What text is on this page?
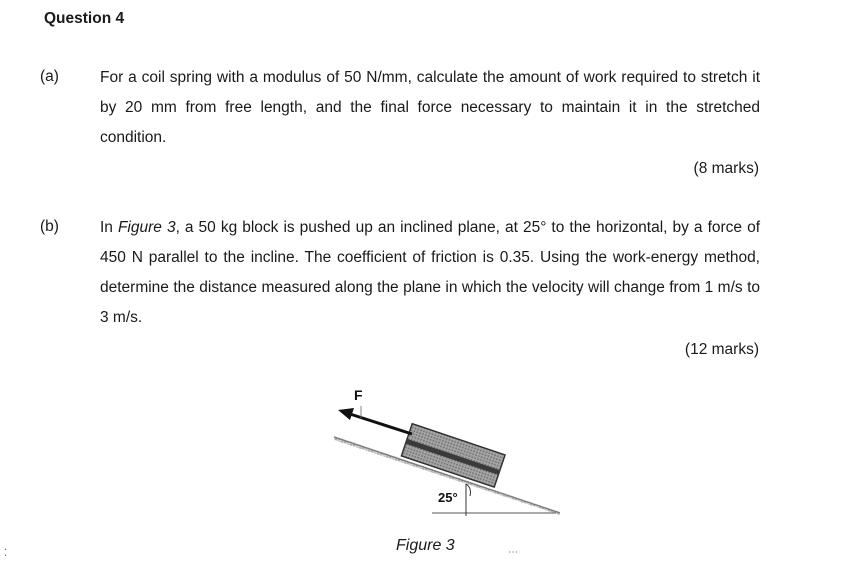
Question 4
(a)	For a coil spring with a modulus of 50 N/mm, calculate the amount of work required to stretch it by 20 mm from free length, and the final force necessary to maintain it in the stretched condition.
(8 marks)
(b)	In Figure 3, a 50 kg block is pushed up an inclined plane, at 25° to the horizontal, by a force of 450 N parallel to the incline. The coefficient of friction is 0.35. Using the work-energy method, determine the distance measured along the plane in which the velocity will change from 1 m/s to 3 m/s.
(12 marks)
F
25°
Figure 3
⁚	⋯
